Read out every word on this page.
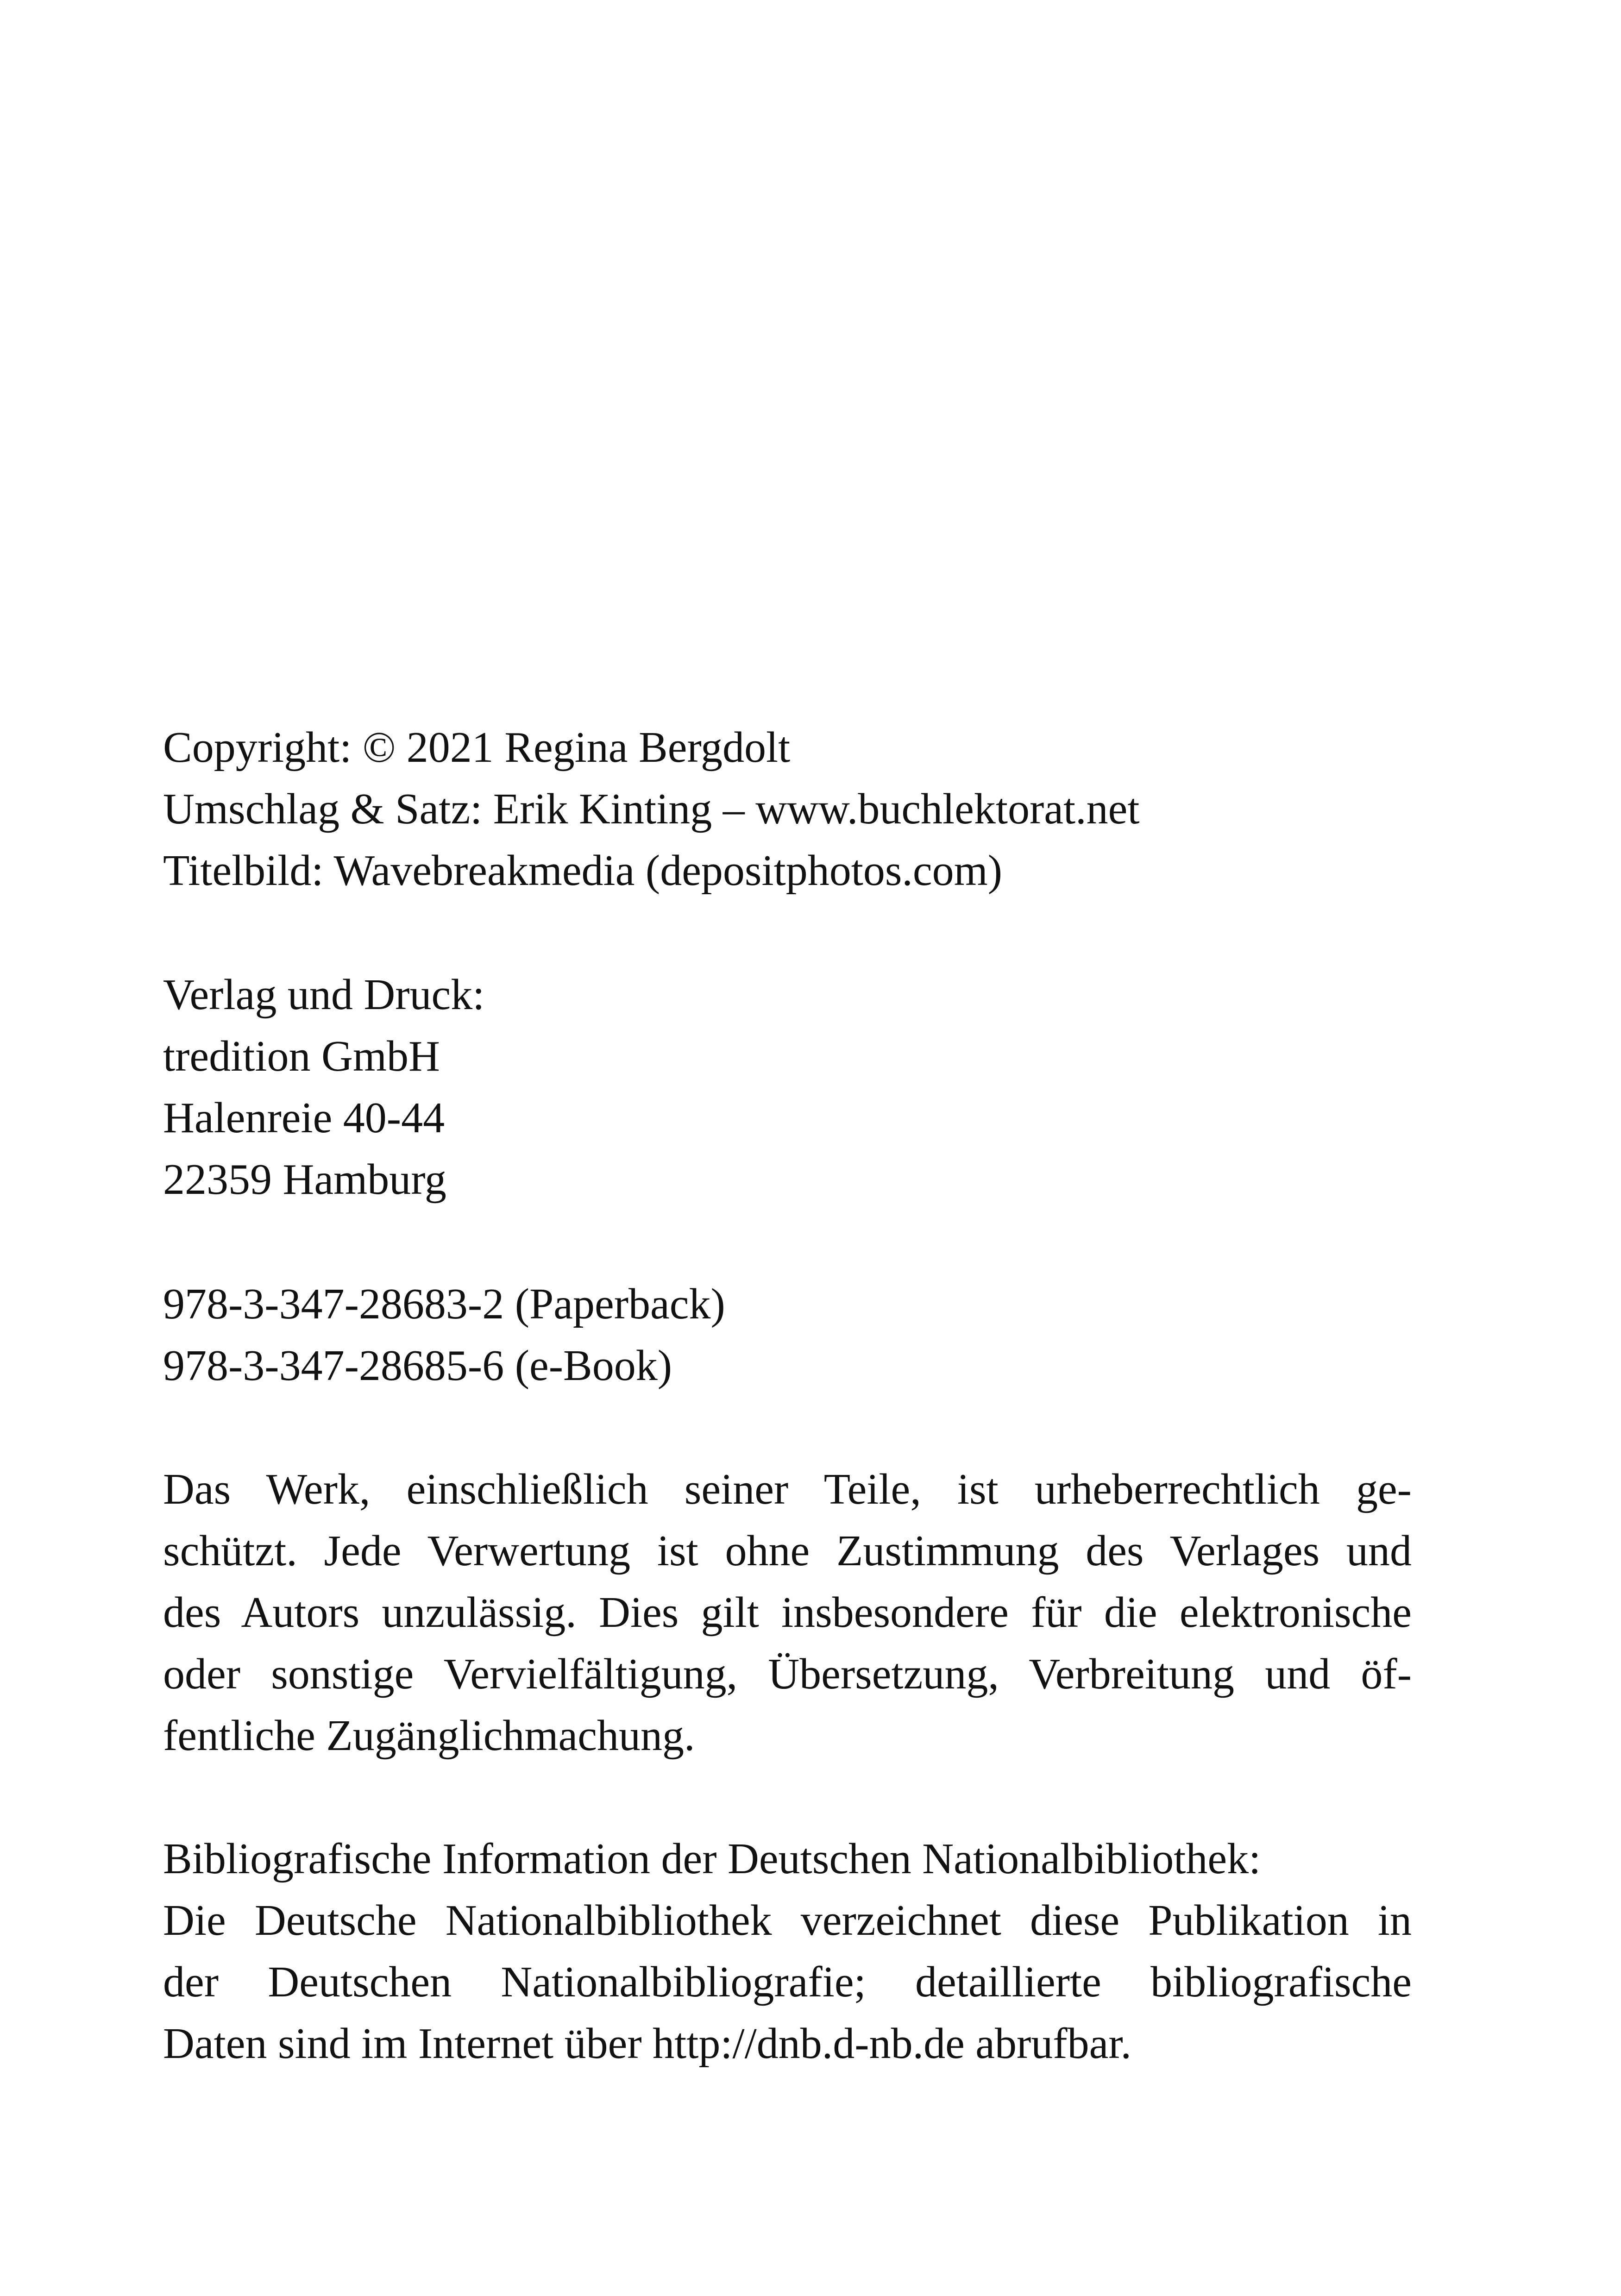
Copyright: © 2021 Regina Bergdolt
Umschlag & Satz: Erik Kinting – www.buchlektorat.net
Titelbild: Wavebreakmedia (depositphotos.com)
Verlag und Druck:
tredition GmbH
Halenreie 40-44
22359 Hamburg
978-3-347-28683-2 (Paperback)
978-3-347-28685-6 (e-Book)
Das Werk, einschließlich seiner Teile, ist urheberrechtlich ge-
schützt. Jede Verwertung ist ohne Zustimmung des Verlages und
des Autors unzulässig. Dies gilt insbesondere für die elektronische
oder sonstige Vervielfältigung, Übersetzung, Verbreitung und öf-
fentliche Zugänglichmachung.
Bibliografische Information der Deutschen Nationalbibliothek:
Die Deutsche Nationalbibliothek verzeichnet diese Publikation in
der Deutschen Nationalbibliografie; detaillierte bibliografische
Daten sind im Internet über http://dnb.d-nb.de abrufbar.
